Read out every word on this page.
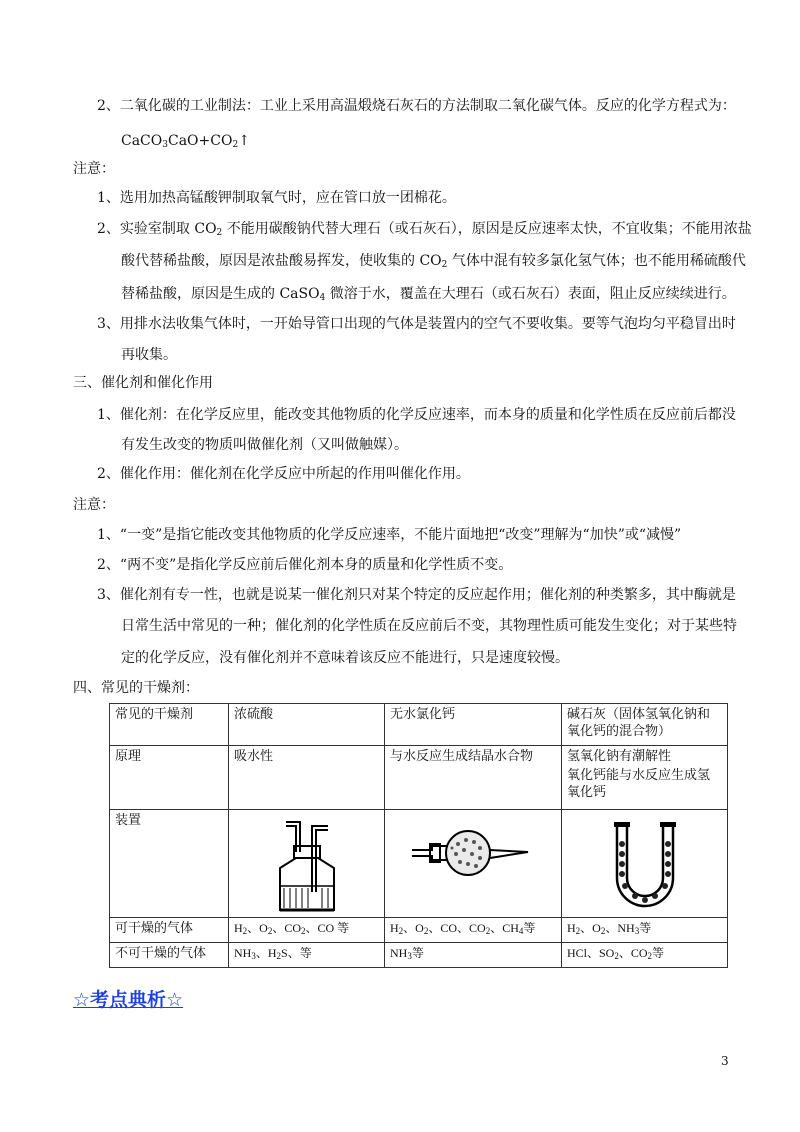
2、二氧化碳的工业制法：工业上采用高温煅烧石灰石的方法制取二氧化碳气体。反应的化学方程式为：
$CaCO_3CaO+CO_2↑$
注意：
1、选用加热高锰酸钾制取氧气时，应在管口放一团棉花。
2、实验室制取 $CO_2$ 不能用碳酸钠代替大理石（或石灰石），原因是反应速率太快，不宜收集；不能用浓盐
酸代替稀盐酸，原因是浓盐酸易挥发，使收集的 $CO_2$ 气体中混有较多氯化氢气体；也不能用稀硫酸代
替稀盐酸，原因是生成的 CaSO$_4$ 微溶于水，覆盖在大理石（或石灰石）表面，阻止反应续续进行。
3、用排水法收集气体时，一开始导管口出现的气体是装置内的空气不要收集。要等气泡均匀平稳冒出时
再收集。
三、催化剂和催化作用
1、催化剂：在化学反应里，能改变其他物质的化学反应速率，而本身的质量和化学性质在反应前后都没
有发生改变的物质叫做催化剂（又叫做触媒）。
2、催化作用：催化剂在化学反应中所起的作用叫催化作用。
注意：
1、“一变”是指它能改变其他物质的化学反应速率，不能片面地把“改变”理解为“加快”或“减慢”
2、“两不变”是指化学反应前后催化剂本身的质量和化学性质不变。
3、催化剂有专一性，也就是说某一催化剂只对某个特定的反应起作用；催化剂的种类繁多，其中酶就是
日常生活中常见的一种；催化剂的化学性质在反应前后不变，其物理性质可能发生变化；对于某些特
定的化学反应，没有催化剂并不意味着该反应不能进行，只是速度较慢。
四、常见的干燥剂：
常见的干燥剂	浓硫酸	无水氯化钙	碱石灰（固体氢氧化钠和氧化钙的混合物）
原理	吸水性	与水反应生成结晶水合物	氢氧化钠有潮解性
氧化钙能与水反应生成氢氧化钙

装置	

可干燥的气体	$H_2$、$O_2$、$CO_2$、CO 等	$H_2$、$O_2$、CO、$CO_2$、$CH_4$等	$H_2$、$O_2$、$NH_3$等
不可干燥的气体	$NH_3$、$H_2S$、等	$NH_3$等	HCl、$SO_2$、$CO_2$等
☆考点典析☆
3
